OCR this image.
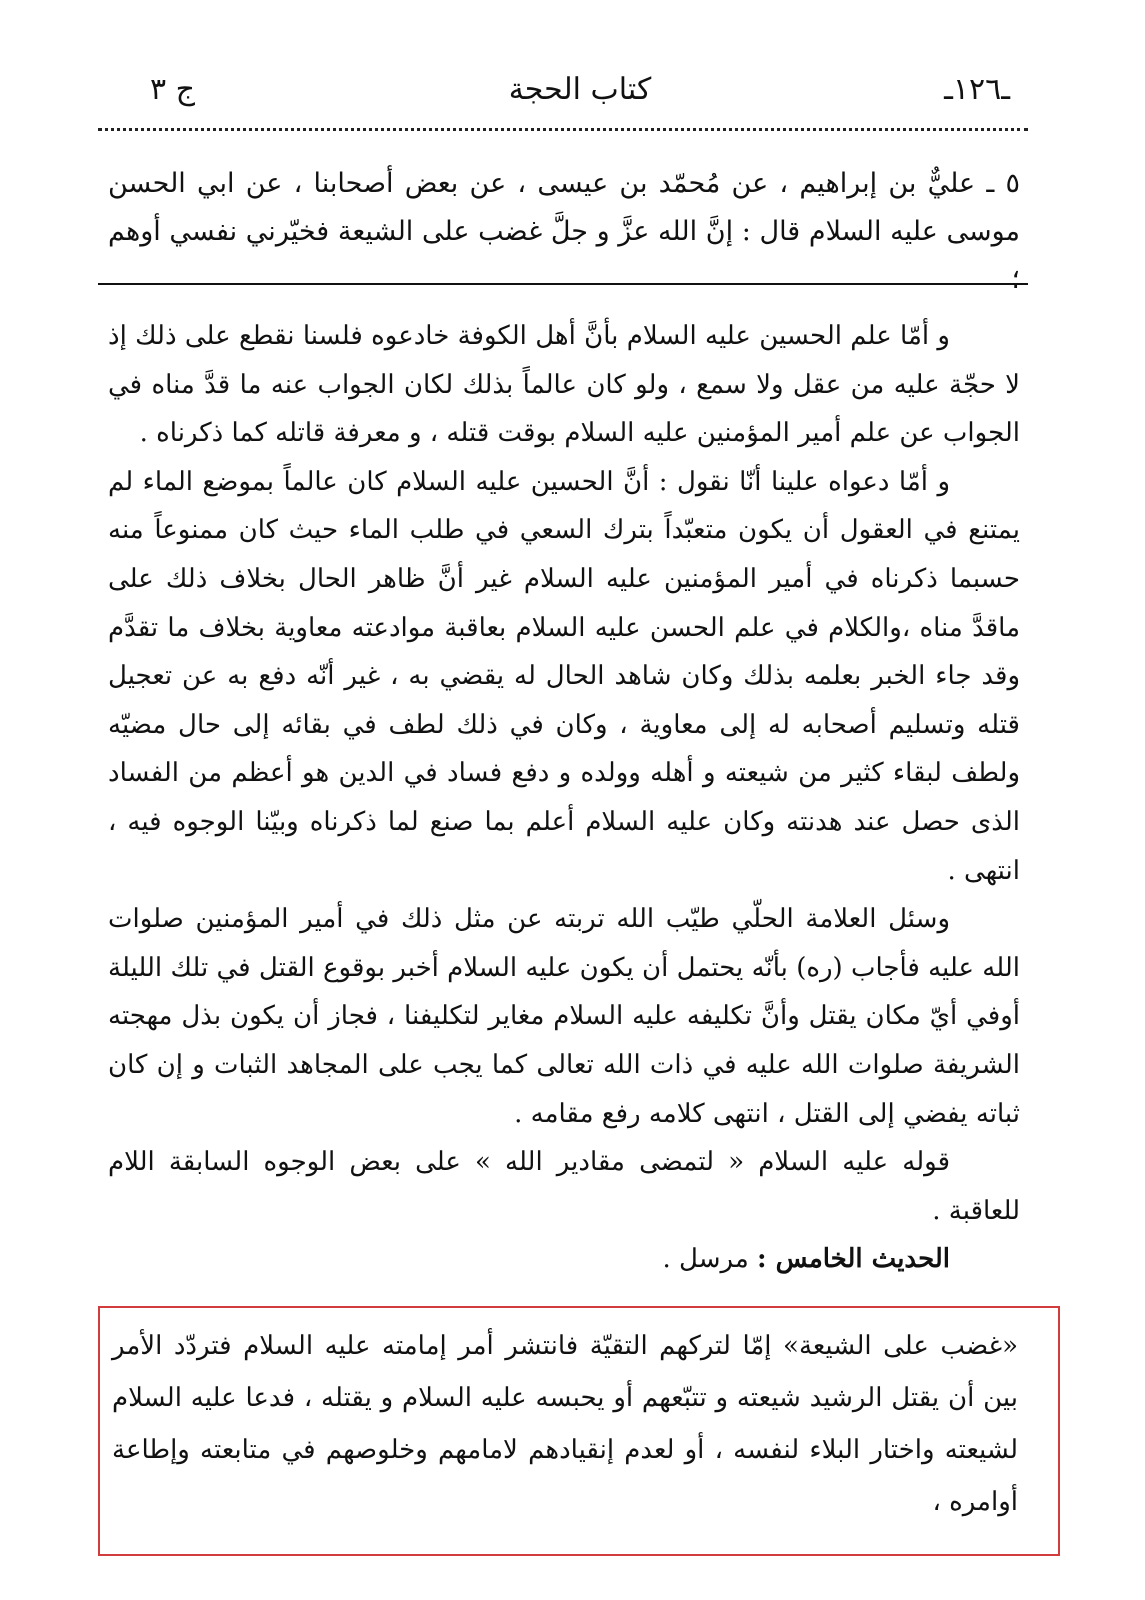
ـ١٢٦ـ
كتاب الحجة
ج ٣
٥ ـ عليٌّ بن إبراهيم ، عن مُحمّد بن عيسى ، عن بعض أصحابنا ، عن ابي الحسن موسى عليه السلام قال : إنَّ الله عزَّ و جلَّ غضب على الشيعة فخيّرني نفسي أوهم ؛

و أمّا علم الحسين عليه السلام بأنَّ أهل الكوفة خادعوه فلسنا نقطع على ذلك إذ لا حجّة عليه من عقل ولا سمع ، ولو كان عالماً بذلك لكان الجواب عنه ما قدَّ مناه في الجواب عن علم أمير المؤمنين عليه السلام بوقت قتله ، و معرفة قاتله كما ذكرناه .

و أمّا دعواه علينا أنّا نقول : أنَّ الحسين عليه السلام كان عالماً بموضع الماء لم يمتنع في العقول أن يكون متعبّداً بترك السعي في طلب الماء حيث كان ممنوعاً منه حسبما ذكرناه في أمير المؤمنين عليه السلام غير أنَّ ظاهر الحال بخلاف ذلك على ماقدَّ مناه ،والكلام في علم الحسن عليه السلام بعاقبة موادعته معاوية بخلاف ما تقدَّم وقد جاء الخبر بعلمه بذلك وكان شاهد الحال له يقضي به ، غير أنّه دفع به عن تعجيل قتله وتسليم أصحابه له إلى معاوية ، وكان في ذلك لطف في بقائه إلى حال مضيّه ولطف لبقاء كثير من شيعته و أهله وولده و دفع فساد في الدين هو أعظم من الفساد الذى حصل عند هدنته وكان عليه السلام أعلم بما صنع لما ذكرناه وبيّنا الوجوه فيه ، انتهى .

وسئل العلامة الحلّي طيّب الله تربته عن مثل ذلك في أمير المؤمنين صلوات الله عليه فأجاب (ره) بأنّه يحتمل أن يكون عليه السلام أخبر بوقوع القتل في تلك الليلة أوفي أيّ مكان يقتل وأنَّ تكليفه عليه السلام مغاير لتكليفنا ، فجاز أن يكون بذل مهجته الشريفة صلوات الله عليه في ذات الله تعالى كما يجب على المجاهد الثبات و إن كان ثباته يفضي إلى القتل ، انتهى كلامه رفع مقامه .

قوله عليه السلام « لتمضى مقادير الله » على بعض الوجوه السابقة اللام للعاقبة .

الحديث الخامس : مرسل .

«غضب على الشيعة» إمّا لتركهم التقيّة فانتشر أمر إمامته عليه السلام فتردّد الأمر بين أن يقتل الرشيد شيعته و تتبّعهم أو يحبسه عليه السلام و يقتله ، فدعا عليه السلام لشيعته واختار البلاء لنفسه ، أو لعدم إنقيادهم لامامهم وخلوصهم في متابعته وإطاعة أوامره ،
